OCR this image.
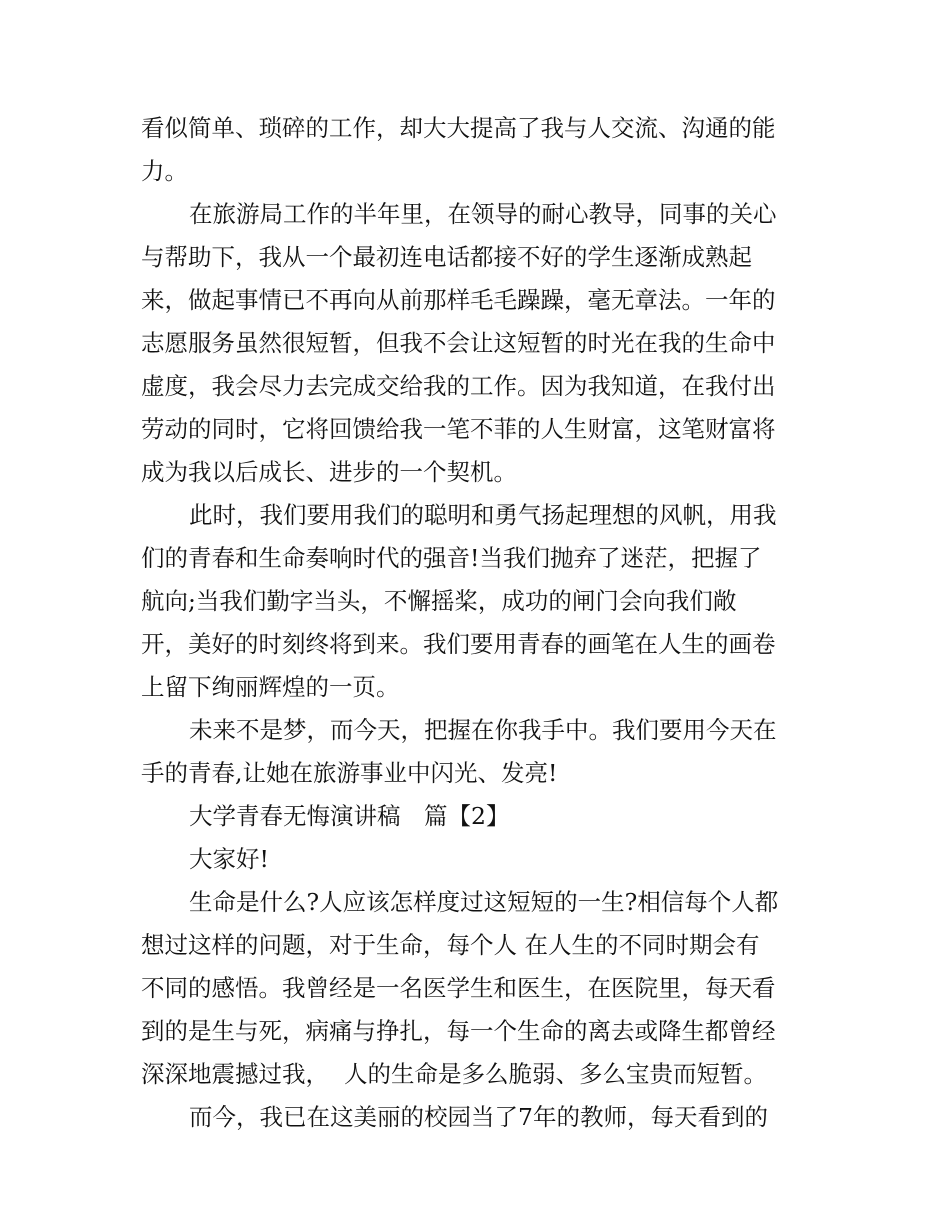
看似简单、琐碎的工作，却大大提高了我与人交流、沟通的能
力。
在旅游局工作的半年里，在领导的耐心教导，同事的关心
与帮助下，我从一个最初连电话都接不好的学生逐渐成熟起
来，做起事情已不再向从前那样毛毛躁躁，毫无章法。一年的
志愿服务虽然很短暂，但我不会让这短暂的时光在我的生命中
虚度，我会尽力去完成交给我的工作。因为我知道，在我付出
劳动的同时，它将回馈给我一笔不菲的人生财富，这笔财富将
成为我以后成长、进步的一个契机。
此时，我们要用我们的聪明和勇气扬起理想的风帆，用我
们的青春和生命奏响时代的强音!当我们抛弃了迷茫，把握了
航向;当我们勤字当头，不懈摇桨，成功的闸门会向我们敞
开，美好的时刻终将到来。我们要用青春的画笔在人生的画卷
上留下绚丽辉煌的一页。
未来不是梦，而今天，把握在你我手中。我们要用今天在
手的青春,让她在旅游事业中闪光、发亮!
大学青春无悔演讲稿　篇【2】
大家好!
生命是什么?人应该怎样度过这短短的一生?相信每个人都
想过这样的问题，对于生命，每个人 在人生的不同时期会有
不同的感悟。我曾经是一名医学生和医生，在医院里，每天看
到的是生与死，病痛与挣扎，每一个生命的离去或降生都曾经
深深地震撼过我，  人的生命是多么脆弱、多么宝贵而短暂。
而今，我已在这美丽的校园当了7年的教师，每天看到的
